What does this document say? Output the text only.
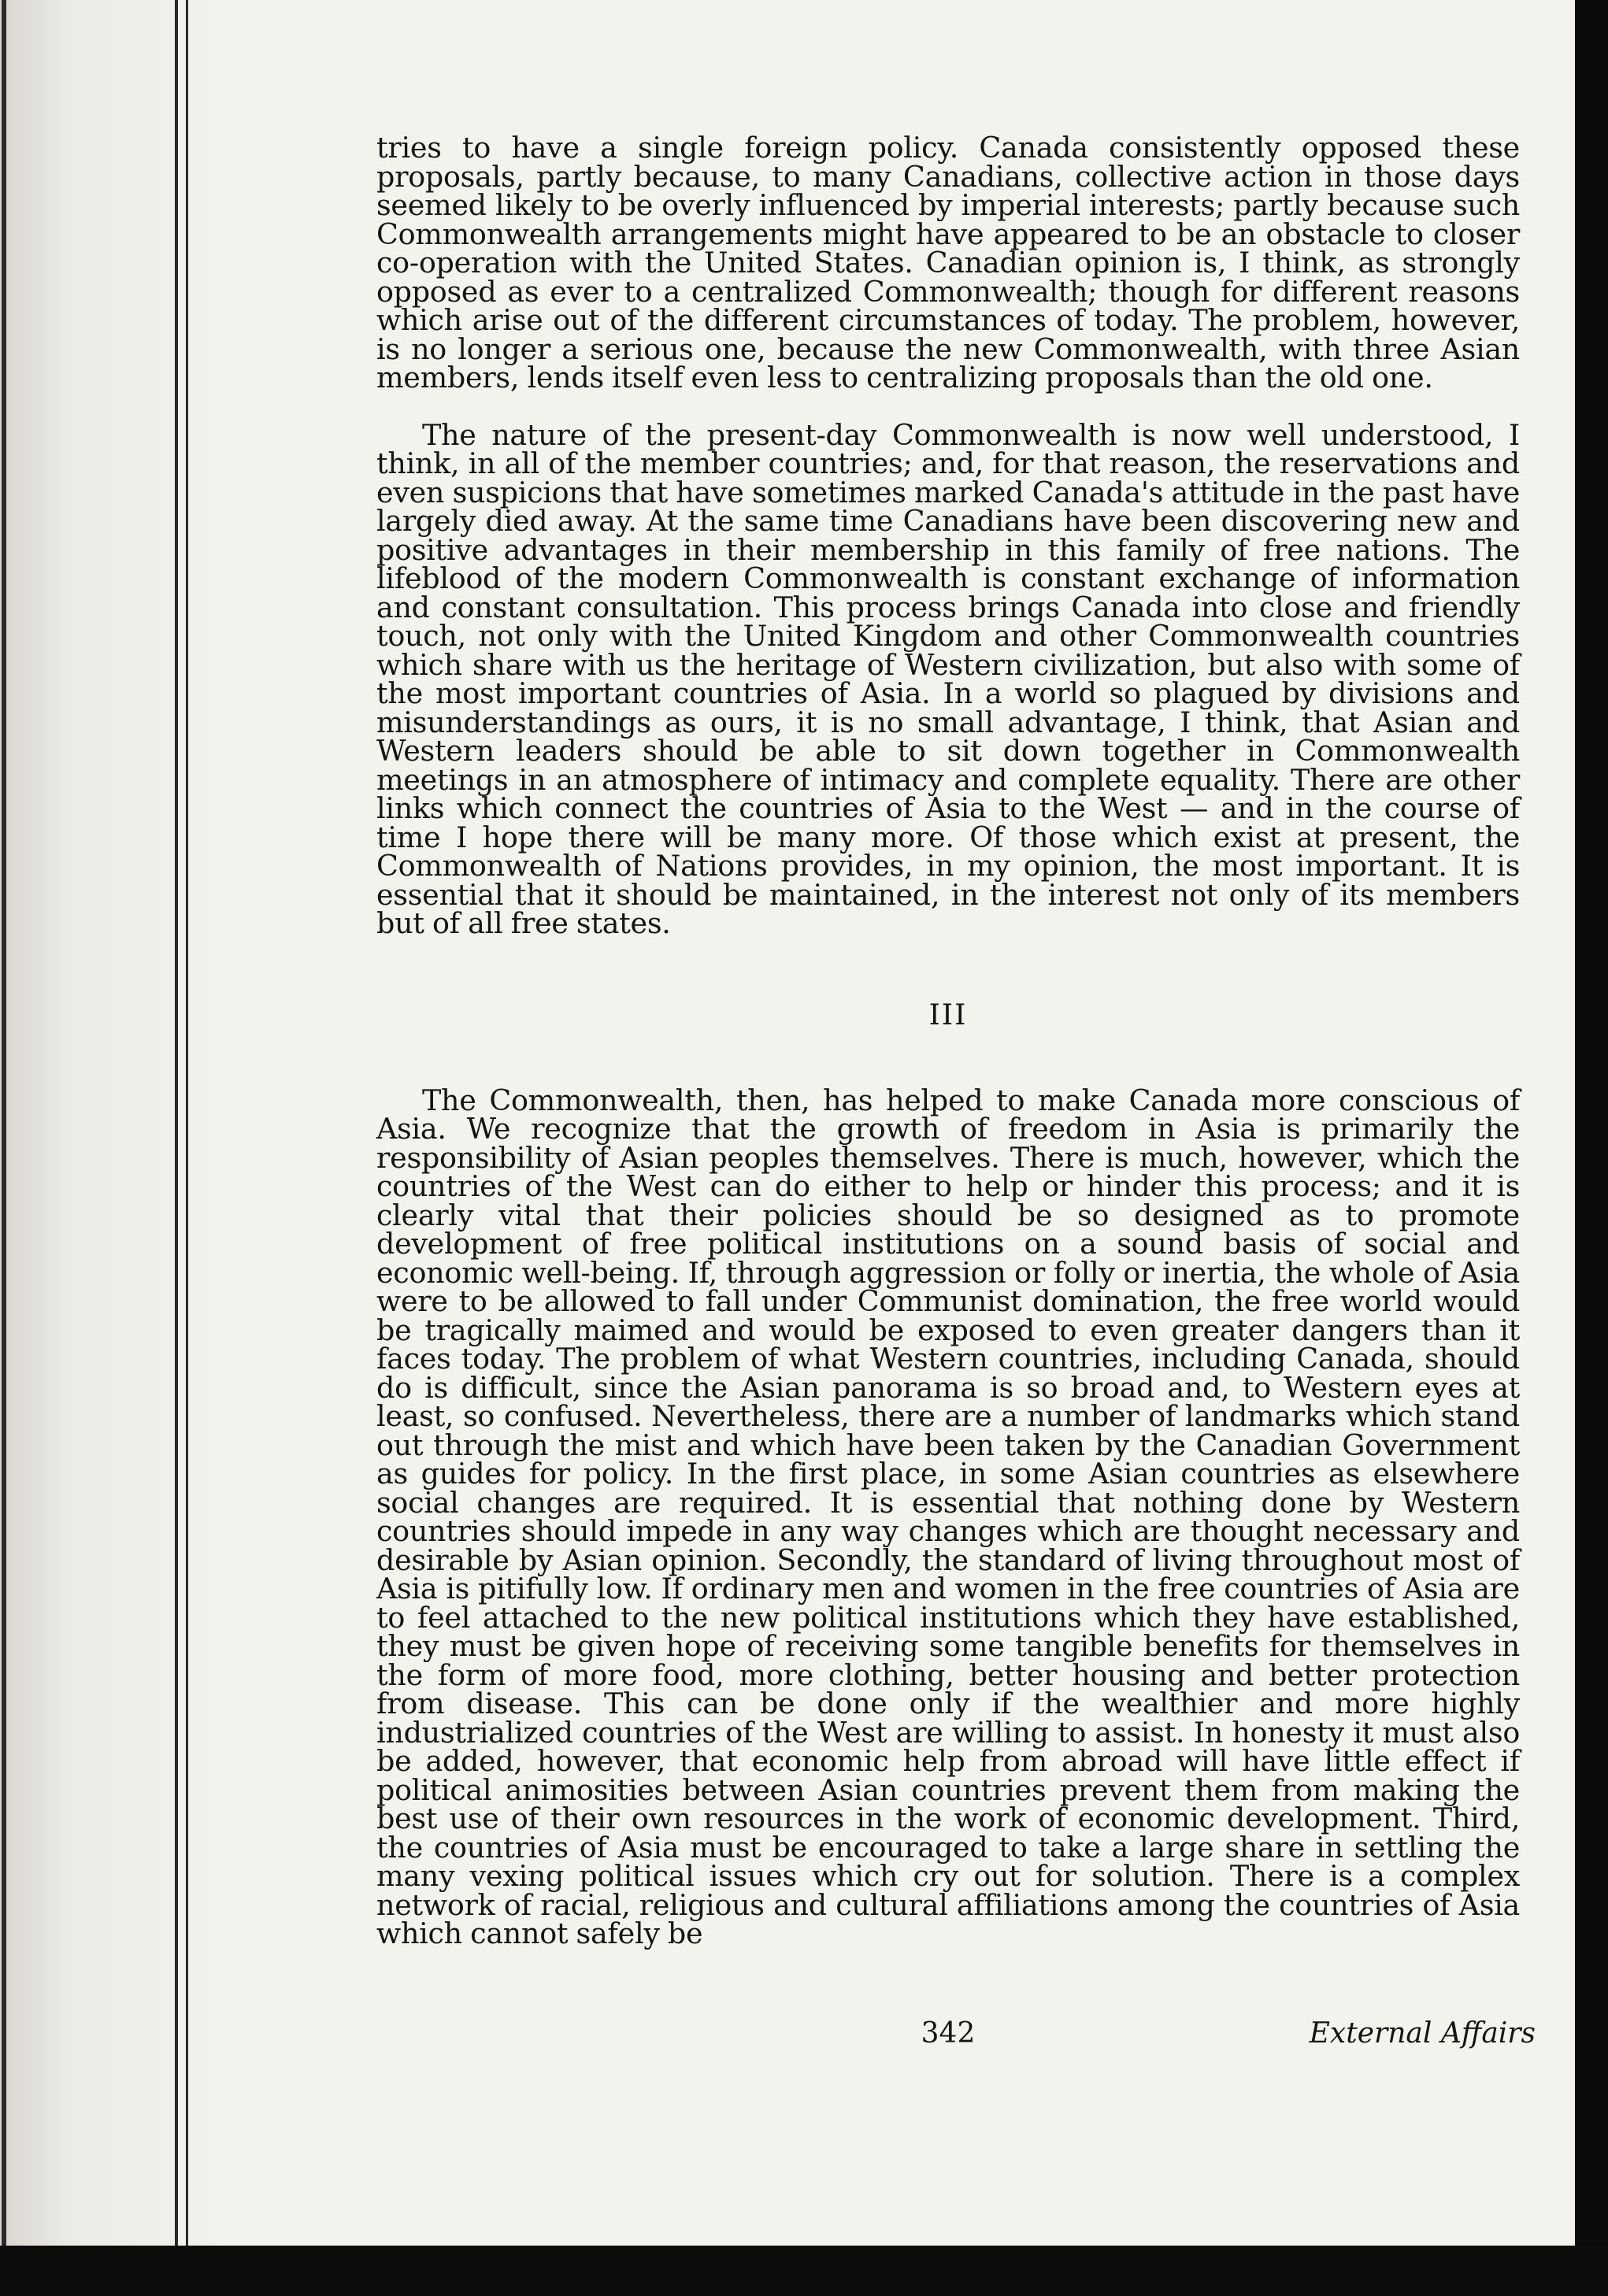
tries to have a single foreign policy. Canada consistently opposed these proposals, partly because, to many Canadians, collective action in those days seemed likely to be overly influenced by imperial interests; partly because such Commonwealth arrangements might have appeared to be an obstacle to closer co-operation with the United States. Canadian opinion is, I think, as strongly opposed as ever to a centralized Commonwealth; though for different reasons which arise out of the different circumstances of today. The problem, however, is no longer a serious one, because the new Commonwealth, with three Asian members, lends itself even less to centralizing proposals than the old one.

The nature of the present-day Commonwealth is now well understood, I think, in all of the member countries; and, for that reason, the reservations and even suspicions that have sometimes marked Canada's attitude in the past have largely died away. At the same time Canadians have been discovering new and positive advantages in their membership in this family of free nations. The lifeblood of the modern Commonwealth is constant exchange of information and constant consultation. This process brings Canada into close and friendly touch, not only with the United Kingdom and other Commonwealth countries which share with us the heritage of Western civilization, but also with some of the most important countries of Asia. In a world so plagued by divisions and misunderstandings as ours, it is no small advantage, I think, that Asian and Western leaders should be able to sit down together in Commonwealth meetings in an atmosphere of intimacy and complete equality. There are other links which connect the countries of Asia to the West — and in the course of time I hope there will be many more. Of those which exist at present, the Commonwealth of Nations provides, in my opinion, the most important. It is essential that it should be maintained, in the interest not only of its members but of all free states.

III

The Commonwealth, then, has helped to make Canada more conscious of Asia. We recognize that the growth of freedom in Asia is primarily the responsibility of Asian peoples themselves. There is much, however, which the countries of the West can do either to help or hinder this process; and it is clearly vital that their policies should be so designed as to promote development of free political institutions on a sound basis of social and economic well-being. If, through aggression or folly or inertia, the whole of Asia were to be allowed to fall under Communist domination, the free world would be tragically maimed and would be exposed to even greater dangers than it faces today. The problem of what Western countries, including Canada, should do is difficult, since the Asian panorama is so broad and, to Western eyes at least, so confused. Nevertheless, there are a number of landmarks which stand out through the mist and which have been taken by the Canadian Government as guides for policy. In the first place, in some Asian countries as elsewhere social changes are required. It is essential that nothing done by Western countries should impede in any way changes which are thought necessary and desirable by Asian opinion. Secondly, the standard of living throughout most of Asia is pitifully low. If ordinary men and women in the free countries of Asia are to feel attached to the new political institutions which they have established, they must be given hope of receiving some tangible benefits for themselves in the form of more food, more clothing, better housing and better protection from disease. This can be done only if the wealthier and more highly industrialized countries of the West are willing to assist. In honesty it must also be added, however, that economic help from abroad will have little effect if political animosities between Asian countries prevent them from making the best use of their own resources in the work of economic development. Third, the countries of Asia must be encouraged to take a large share in settling the many vexing political issues which cry out for solution. There is a complex network of racial, religious and cultural affiliations among the countries of Asia which cannot safely be

342	External Affairs
